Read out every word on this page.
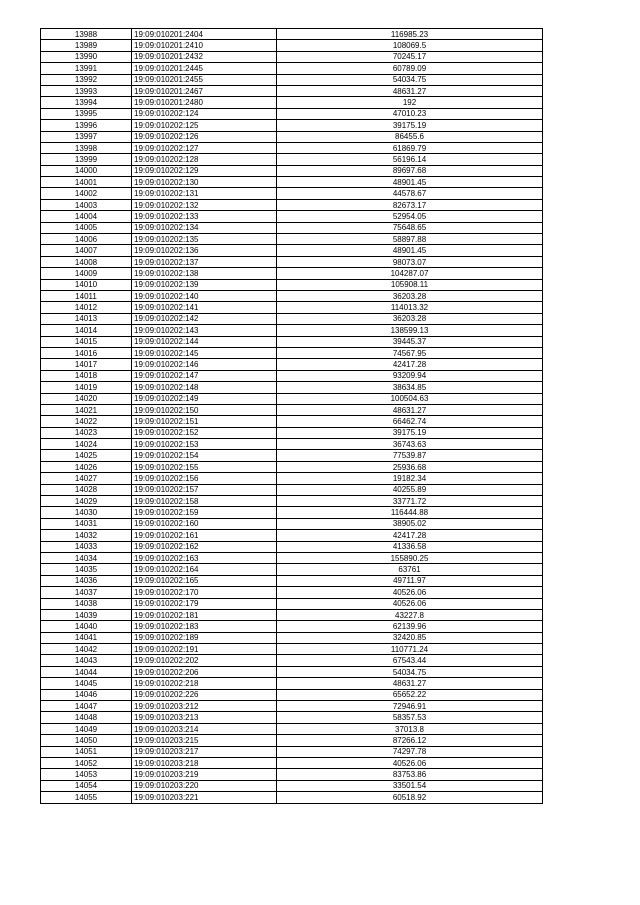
13988	19:09:010201:2404	116985.23
13989	19:09:010201:2410	108069.5
13990	19:09:010201:2432	70245.17
13991	19:09:010201:2445	60789.09
13992	19:09:010201:2455	54034.75
13993	19:09:010201:2467	48631.27
13994	19:09:010201:2480	192
13995	19:09:010202:124	47010.23
13996	19:09:010202:125	39175.19
13997	19:09:010202:126	86455.6
13998	19:09:010202:127	61869.79
13999	19:09:010202:128	56196.14
14000	19:09:010202:129	89697.68
14001	19:09:010202:130	48901.45
14002	19:09:010202:131	44578.67
14003	19:09:010202:132	82673.17
14004	19:09:010202:133	52954.05
14005	19:09:010202:134	75648.65
14006	19:09:010202:135	58897.88
14007	19:09:010202:136	48901.45
14008	19:09:010202:137	98073.07
14009	19:09:010202:138	104287.07
14010	19:09:010202:139	105908.11
14011	19:09:010202:140	36203.28
14012	19:09:010202:141	114013.32
14013	19:09:010202:142	36203.28
14014	19:09:010202:143	138599.13
14015	19:09:010202:144	39445.37
14016	19:09:010202:145	74567.95
14017	19:09:010202:146	42417.28
14018	19:09:010202:147	93209.94
14019	19:09:010202:148	38634.85
14020	19:09:010202:149	100504.63
14021	19:09:010202:150	48631.27
14022	19:09:010202:151	66462.74
14023	19:09:010202:152	39175.19
14024	19:09:010202:153	36743.63
14025	19:09:010202:154	77539.87
14026	19:09:010202:155	25936.68
14027	19:09:010202:156	19182.34
14028	19:09:010202:157	40255.89
14029	19:09:010202:158	33771.72
14030	19:09:010202:159	116444.88
14031	19:09:010202:160	38905.02
14032	19:09:010202:161	42417.28
14033	19:09:010202:162	41336.58
14034	19:09:010202:163	155890.25
14035	19:09:010202:164	63761
14036	19:09:010202:165	49711.97
14037	19:09:010202:170	40526.06
14038	19:09:010202:179	40526.06
14039	19:09:010202:181	43227.8
14040	19:09:010202:183	62139.96
14041	19:09:010202:189	32420.85
14042	19:09:010202:191	110771.24
14043	19:09:010202:202	67543.44
14044	19:09:010202:206	54034.75
14045	19:09:010202:218	48631.27
14046	19:09:010202:226	65652.22
14047	19:09:010203:212	72946.91
14048	19:09:010203:213	58357.53
14049	19:09:010203:214	37013.8
14050	19:09:010203:215	87266.12
14051	19:09:010203:217	74297.78
14052	19:09:010203:218	40526.06
14053	19:09:010203:219	83753.86
14054	19:09:010203:220	33501.54
14055	19:09:010203:221	60518.92
